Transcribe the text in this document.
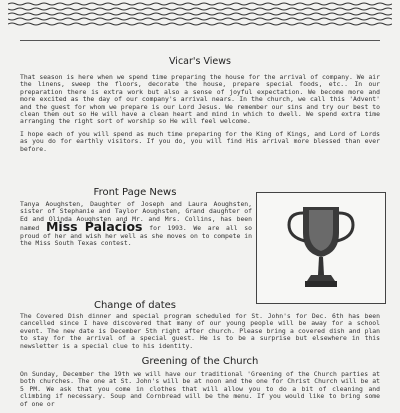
Vicar's Views

That season is here when we spend time preparing the house for the arrival of company. We air the linens, sweep the floors, decorate the house, prepare special foods, etc.. In our preparation there is extra work but also a sense of joyful expectation. We become more and more excited as the day of our company's arrival nears. In the church, we call this 'Advent' and the guest for whom we prepare is our Lord Jesus. We remember our sins and try our best to clean them out so He will have a clean heart and mind in which to dwell. We spend extra time arranging the right sort of worship so He will feel welcome.

I hope each of you will spend as much time preparing for the King of Kings, and Lord of Lords as you do for earthly visitors. If you do, you will find His arrival more blessed than ever before.

Front Page News
Tanya Aoughsten, Daughter of Joseph and Laura Aoughsten, sister of Stephanie and Taylor Aoughsten, Grand daughter of Ed and Olinda Aoughsten and Mr. and Mrs. Collins, has been named Miss Palacios for 1993. We are all so proud of her and wish her well as she moves on to compete in the Miss South Texas contest.
Change of dates

The Covered Dish dinner and special program scheduled for St. John's for Dec. 6th has been cancelled since I have discovered that many of our young people will be away for a school event. The new date is December 5th right after church. Please bring a covered dish and plan to stay for the arrival of a special guest. He is to be a surprise but elsewhere in this newsletter is a special clue to his identity.

Greening of the Church

On Sunday, December the 19th we will have our traditional 'Greening of the Church parties at both churches. The one at St. John's will be at noon and the one for Christ Church will be at 5 PM. We ask that you come in clothes that will allow you to do a bit of cleaning and climbing if necessary. Soup and Cornbread will be the menu. If you would like to bring some of one or
